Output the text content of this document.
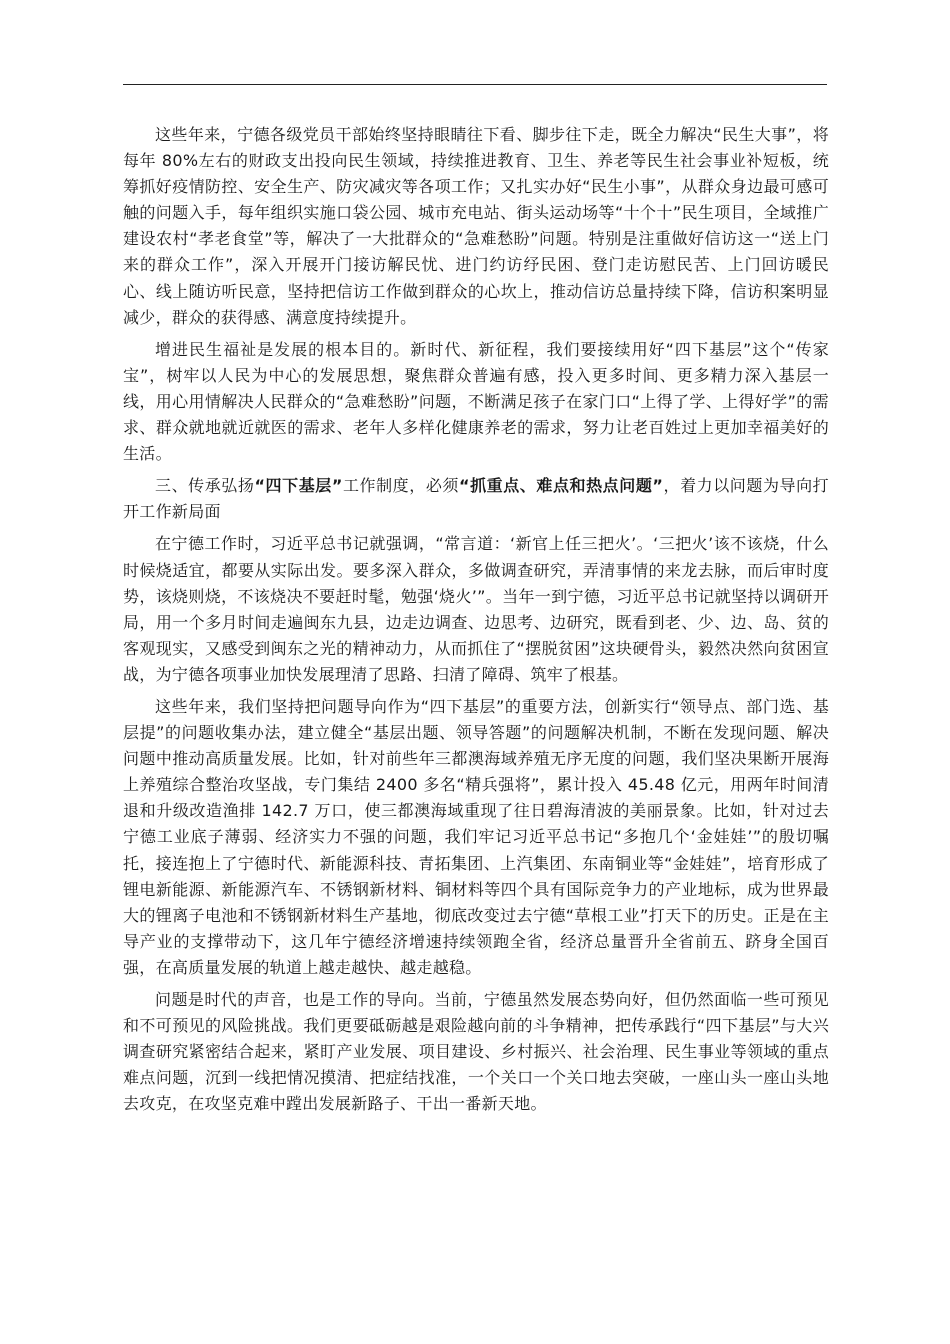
这些年来，宁德各级党员干部始终坚持眼睛往下看、脚步往下走，既全力解决“民生大事”，将每年 80%左右的财政支出投向民生领域，持续推进教育、卫生、养老等民生社会事业补短板，统筹抓好疫情防控、安全生产、防灾减灾等各项工作；又扎实办好“民生小事”，从群众身边最可感可触的问题入手，每年组织实施口袋公园、城市充电站、街头运动场等“十个十”民生项目，全域推广建设农村“孝老食堂”等，解决了一大批群众的“急难愁盼”问题。特别是注重做好信访这一“送上门来的群众工作”，深入开展开门接访解民忧、进门约访纾民困、登门走访慰民苦、上门回访暖民心、线上随访听民意，坚持把信访工作做到群众的心坎上，推动信访总量持续下降，信访积案明显减少，群众的获得感、满意度持续提升。

增进民生福祉是发展的根本目的。新时代、新征程，我们要接续用好“四下基层”这个“传家宝”，树牢以人民为中心的发展思想，聚焦群众普遍有感，投入更多时间、更多精力深入基层一线，用心用情解决人民群众的“急难愁盼”问题，不断满足孩子在家门口“上得了学、上得好学”的需求、群众就地就近就医的需求、老年人多样化健康养老的需求，努力让老百姓过上更加幸福美好的生活。

三、传承弘扬“四下基层”工作制度，必须“抓重点、难点和热点问题”，着力以问题为导向打开工作新局面

在宁德工作时，习近平总书记就强调，“常言道：‘新官上任三把火’。‘三把火’该不该烧，什么时候烧适宜，都要从实际出发。要多深入群众，多做调查研究，弄清事情的来龙去脉，而后审时度势，该烧则烧，不该烧决不要赶时髦，勉强‘烧火’”。当年一到宁德，习近平总书记就坚持以调研开局，用一个多月时间走遍闽东九县，边走边调查、边思考、边研究，既看到老、少、边、岛、贫的客观现实，又感受到闽东之光的精神动力，从而抓住了“摆脱贫困”这块硬骨头，毅然决然向贫困宣战，为宁德各项事业加快发展理清了思路、扫清了障碍、筑牢了根基。

这些年来，我们坚持把问题导向作为“四下基层”的重要方法，创新实行“领导点、部门选、基层提”的问题收集办法，建立健全“基层出题、领导答题”的问题解决机制，不断在发现问题、解决问题中推动高质量发展。比如，针对前些年三都澳海域养殖无序无度的问题，我们坚决果断开展海上养殖综合整治攻坚战，专门集结 2400 多名“精兵强将”，累计投入 45.48 亿元，用两年时间清退和升级改造渔排 142.7 万口，使三都澳海域重现了往日碧海清波的美丽景象。比如，针对过去宁德工业底子薄弱、经济实力不强的问题，我们牢记习近平总书记“多抱几个‘金娃娃’”的殷切嘱托，接连抱上了宁德时代、新能源科技、青拓集团、上汽集团、东南铜业等“金娃娃”，培育形成了锂电新能源、新能源汽车、不锈钢新材料、铜材料等四个具有国际竞争力的产业地标，成为世界最大的锂离子电池和不锈钢新材料生产基地，彻底改变过去宁德“草根工业”打天下的历史。正是在主导产业的支撑带动下，这几年宁德经济增速持续领跑全省，经济总量晋升全省前五、跻身全国百强，在高质量发展的轨道上越走越快、越走越稳。

问题是时代的声音，也是工作的导向。当前，宁德虽然发展态势向好，但仍然面临一些可预见和不可预见的风险挑战。我们更要砥砺越是艰险越向前的斗争精神，把传承践行“四下基层”与大兴调查研究紧密结合起来，紧盯产业发展、项目建设、乡村振兴、社会治理、民生事业等领域的重点难点问题，沉到一线把情况摸清、把症结找准，一个关口一个关口地去突破，一座山头一座山头地去攻克，在攻坚克难中蹚出发展新路子、干出一番新天地。
